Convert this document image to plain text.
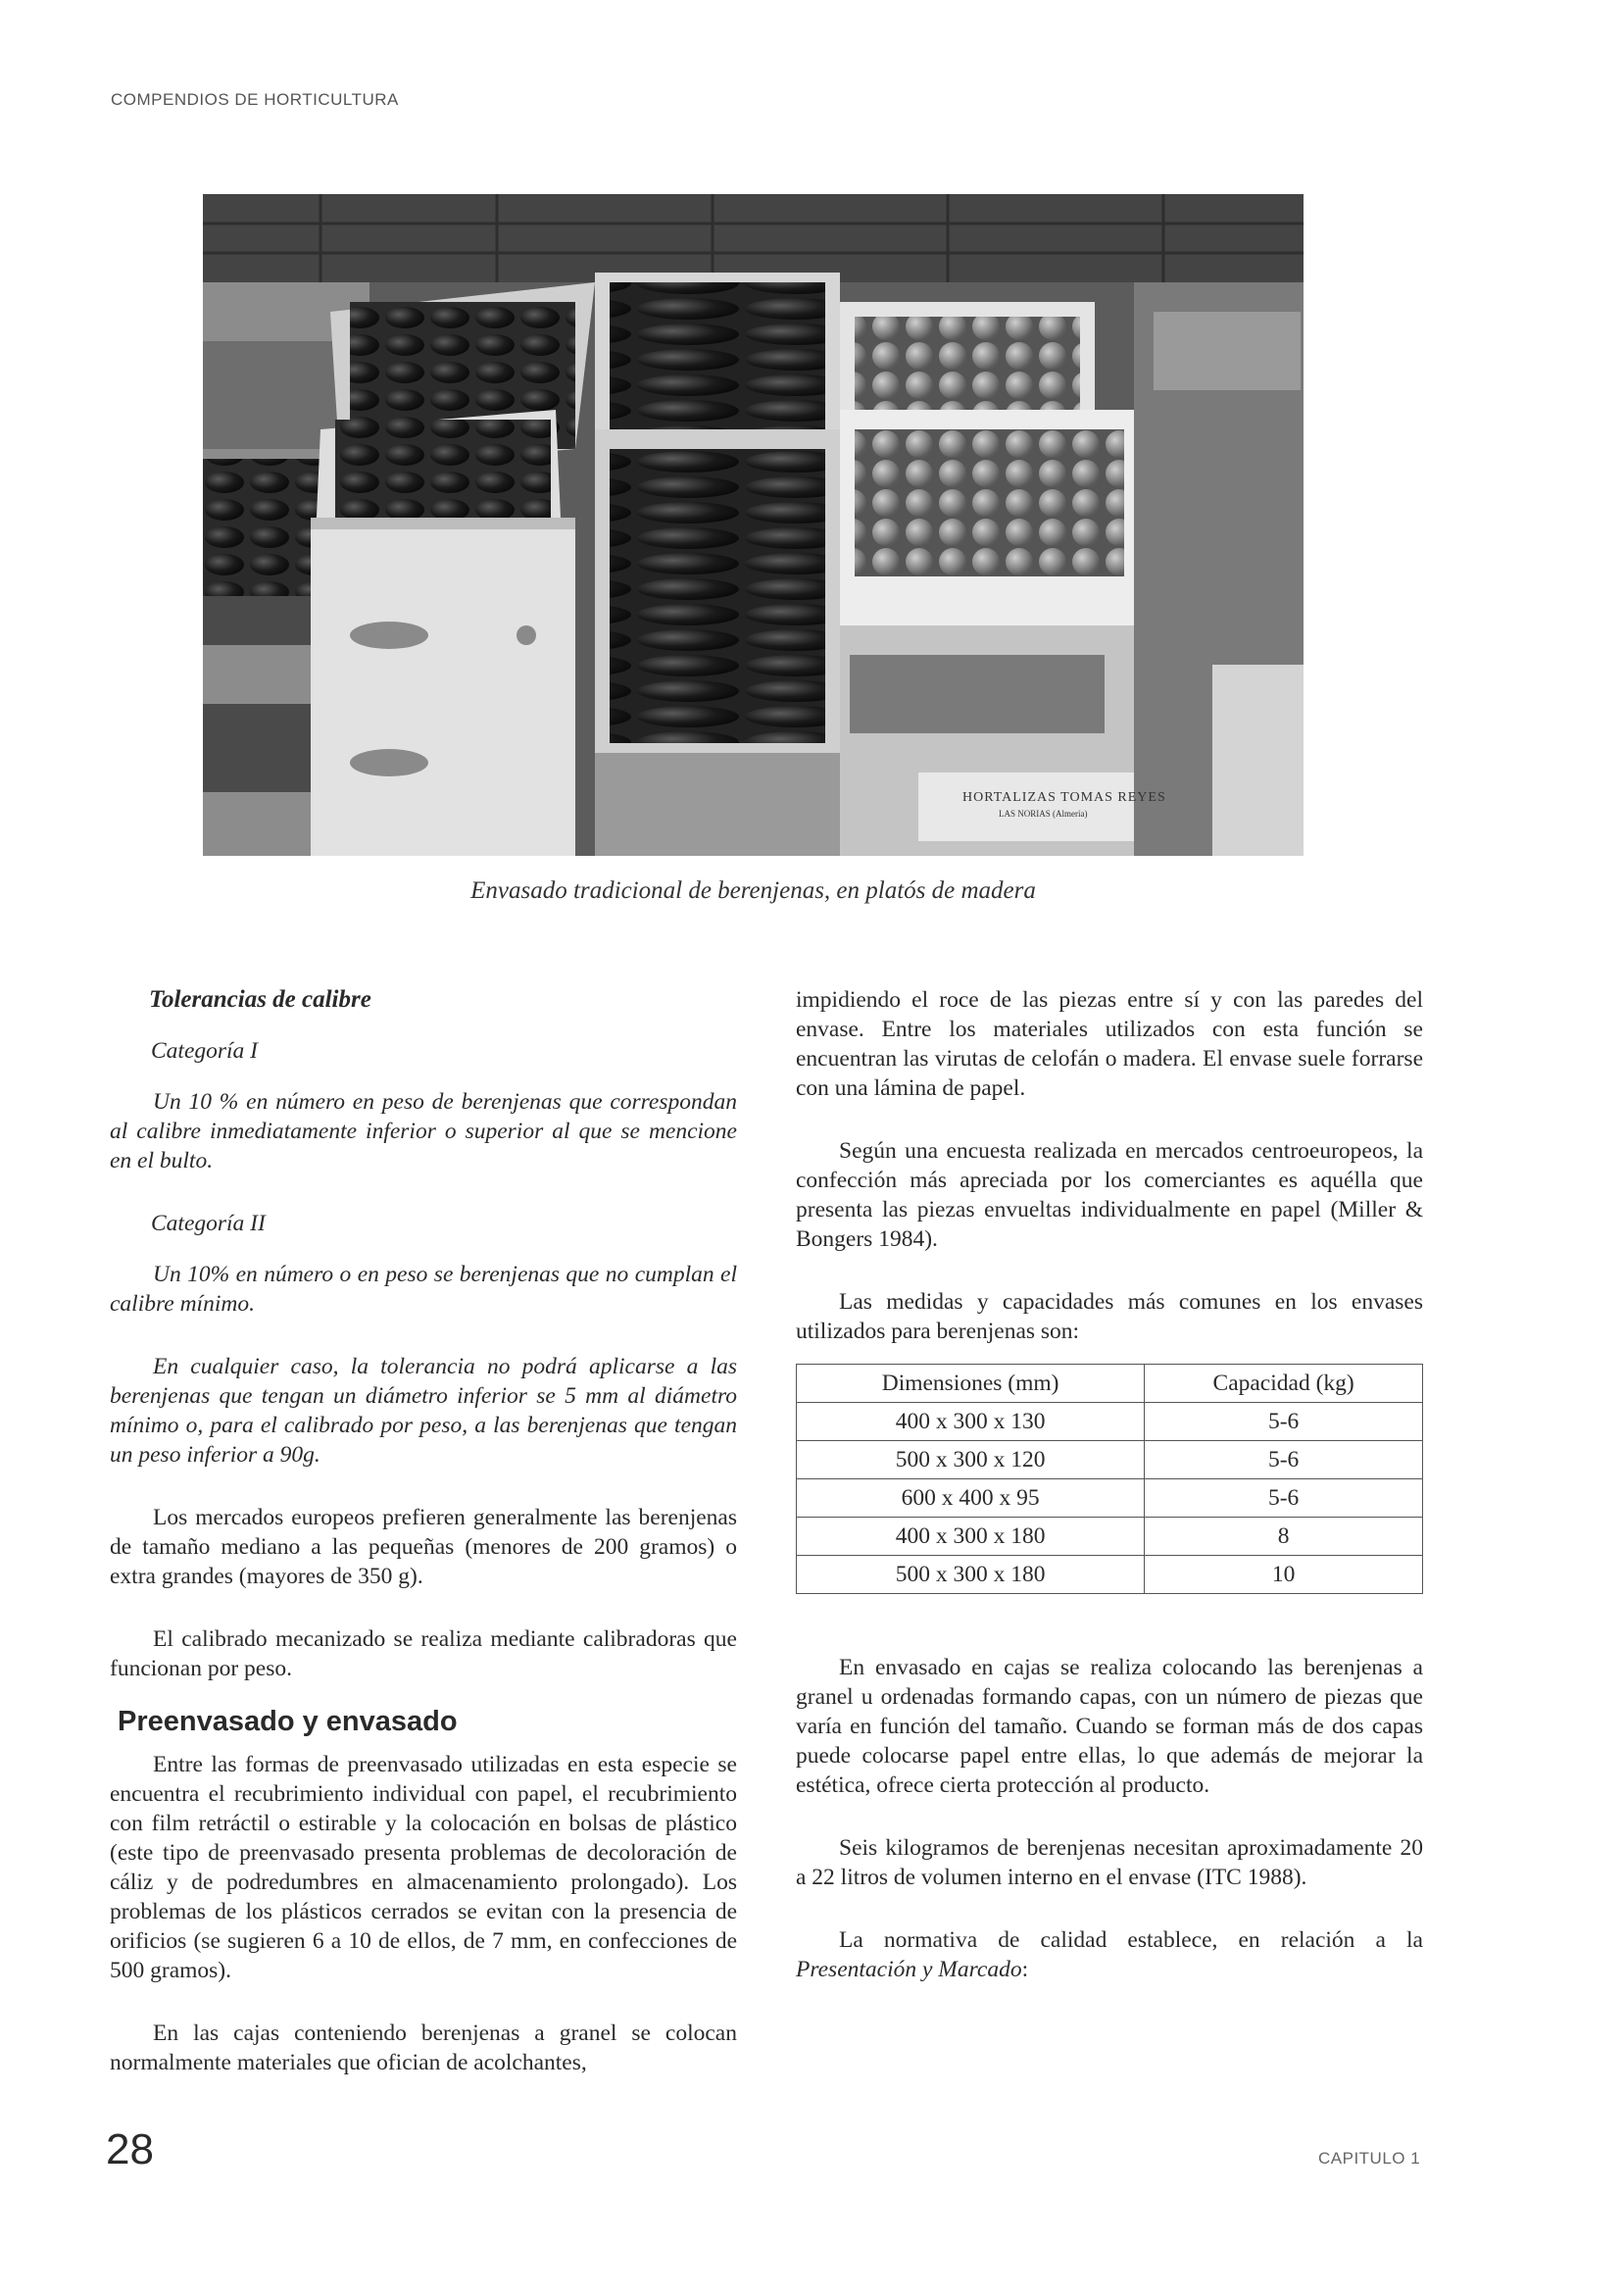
COMPENDIOS DE HORTICULTURA
HORTALIZAS TOMAS REYES
LAS NORIAS (Almería)
Envasado tradicional de berenjenas, en platós de madera

Tolerancias de calibre

Categoría I

Un 10 % en número en peso de berenjenas que correspondan al calibre inmediatamente inferior o superior al que se mencione en el bulto.

Categoría II

Un 10% en número o en peso se berenjenas que no cumplan el calibre mínimo.

En cualquier caso, la tolerancia no podrá aplicarse a las berenjenas que tengan un diámetro inferior se 5 mm al diámetro mínimo o, para el calibrado por peso, a las berenjenas que tengan un peso inferior a 90g.

Los mercados europeos prefieren generalmente las berenjenas de tamaño mediano a las pequeñas (menores de 200 gramos) o extra grandes (mayores de 350 g).

El calibrado mecanizado se realiza mediante calibradoras que funcionan por peso.

Preenvasado y envasado

Entre las formas de preenvasado utilizadas en esta especie se encuentra el recubrimiento individual con papel, el recubrimiento con film retráctil o estirable y la colocación en bolsas de plástico (este tipo de preenvasado presenta problemas de decoloración de cáliz y de podredumbres en almacenamiento prolongado). Los problemas de los plásticos cerrados se evitan con la presencia de orificios (se sugieren 6 a 10 de ellos, de 7 mm, en confecciones de 500 gramos).

En las cajas conteniendo berenjenas a granel se colocan normalmente materiales que ofician de acolchantes,

impidiendo el roce de las piezas entre sí y con las paredes del envase. Entre los materiales utilizados con esta función se encuentran las virutas de celofán o madera. El envase suele forrarse con una lámina de papel.

Según una encuesta realizada en mercados centroeuropeos, la confección más apreciada por los comerciantes es aquélla que presenta las piezas envueltas individualmente en papel (Miller & Bongers 1984).

Las medidas y capacidades más comunes en los envases utilizados para berenjenas son:

Dimensiones (mm)	Capacidad (kg)
400 x 300 x 130	5-6
500 x 300 x 120	5-6
600 x 400 x 95	5-6
400 x 300 x 180	8
500 x 300 x 180	10

En envasado en cajas se realiza colocando las berenjenas a granel u ordenadas formando capas, con un número de piezas que varía en función del tamaño. Cuando se forman más de dos capas puede colocarse papel entre ellas, lo que además de mejorar la estética, ofrece cierta protección al producto.

Seis kilogramos de berenjenas necesitan aproximadamente 20 a 22 litros de volumen interno en el envase (ITC 1988).

La normativa de calidad establece, en relación a la Presentación y Marcado:

28	CAPITULO 1
